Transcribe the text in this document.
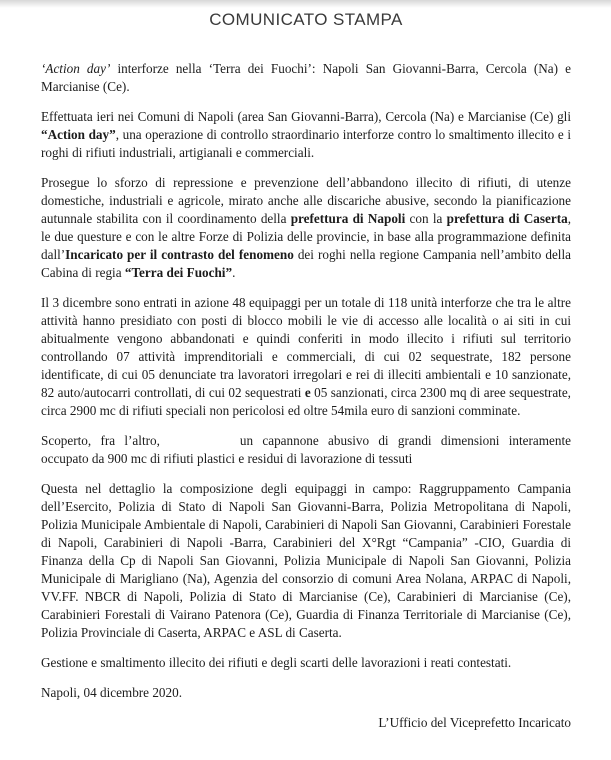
COMUNICATO STAMPA

‘Action day’ interforze nella ‘Terra dei Fuochi’: Napoli San Giovanni-Barra, Cercola (Na) e Marcianise (Ce).

Effettuata ieri nei Comuni di Napoli (area San Giovanni-Barra), Cercola (Na) e Marcianise (Ce) gli “Action day”, una operazione di controllo straordinario interforze contro lo smaltimento illecito e i roghi di rifiuti industriali, artigianali e commerciali.

Prosegue lo sforzo di repressione e prevenzione dell’abbandono illecito di rifiuti, di utenze domestiche, industriali e agricole, mirato anche alle discariche abusive, secondo la pianificazione autunnale stabilita con il coordinamento della prefettura di Napoli con la prefettura di Caserta, le due questure e con le altre Forze di Polizia delle provincie, in base alla programmazione definita dall’Incaricato per il contrasto del fenomeno dei roghi nella regione Campania nell’ambito della Cabina di regia “Terra dei Fuochi”.

Il 3 dicembre sono entrati in azione 48 equipaggi per un totale di 118 unità interforze che tra le altre attività hanno presidiato con posti di blocco mobili le vie di accesso alle località o ai siti in cui abitualmente vengono abbandonati e quindi conferiti in modo illecito i rifiuti sul territorio controllando 07 attività imprenditoriali e commerciali, di cui 02 sequestrate, 182 persone identificate, di cui 05 denunciate tra lavoratori irregolari e rei di illeciti ambientali e 10 sanzionate, 82 auto/autocarri controllati, di cui 02 sequestrati e 05 sanzionati, circa 2300 mq di aree sequestrate, circa 2900 mc di rifiuti speciali non pericolosi ed oltre 54mila euro di sanzioni comminate.

Scoperto, fra l’altro,	un capannone abusivo di grandi dimensioni interamente occupato da 900 mc di rifiuti plastici e residui di lavorazione di tessuti

Questa nel dettaglio la composizione degli equipaggi in campo: Raggruppamento Campania dell’Esercito, Polizia di Stato di Napoli San Giovanni-Barra, Polizia Metropolitana di Napoli, Polizia Municipale Ambientale di Napoli, Carabinieri di Napoli San Giovanni, Carabinieri Forestale di Napoli, Carabinieri di Napoli -Barra, Carabinieri del X°Rgt “Campania” -CIO, Guardia di Finanza della Cp di Napoli San Giovanni, Polizia Municipale di Napoli San Giovanni, Polizia Municipale di Marigliano (Na), Agenzia del consorzio di comuni Area Nolana, ARPAC di Napoli, VV.FF. NBCR di Napoli, Polizia di Stato di Marcianise (Ce), Carabinieri di Marcianise (Ce), Carabinieri Forestali di Vairano Patenora (Ce), Guardia di Finanza Territoriale di Marcianise (Ce), Polizia Provinciale di Caserta, ARPAC e ASL di Caserta.

Gestione e smaltimento illecito dei rifiuti e degli scarti delle lavorazioni i reati contestati.

Napoli, 04 dicembre 2020.

L’Ufficio del Viceprefetto Incaricato
